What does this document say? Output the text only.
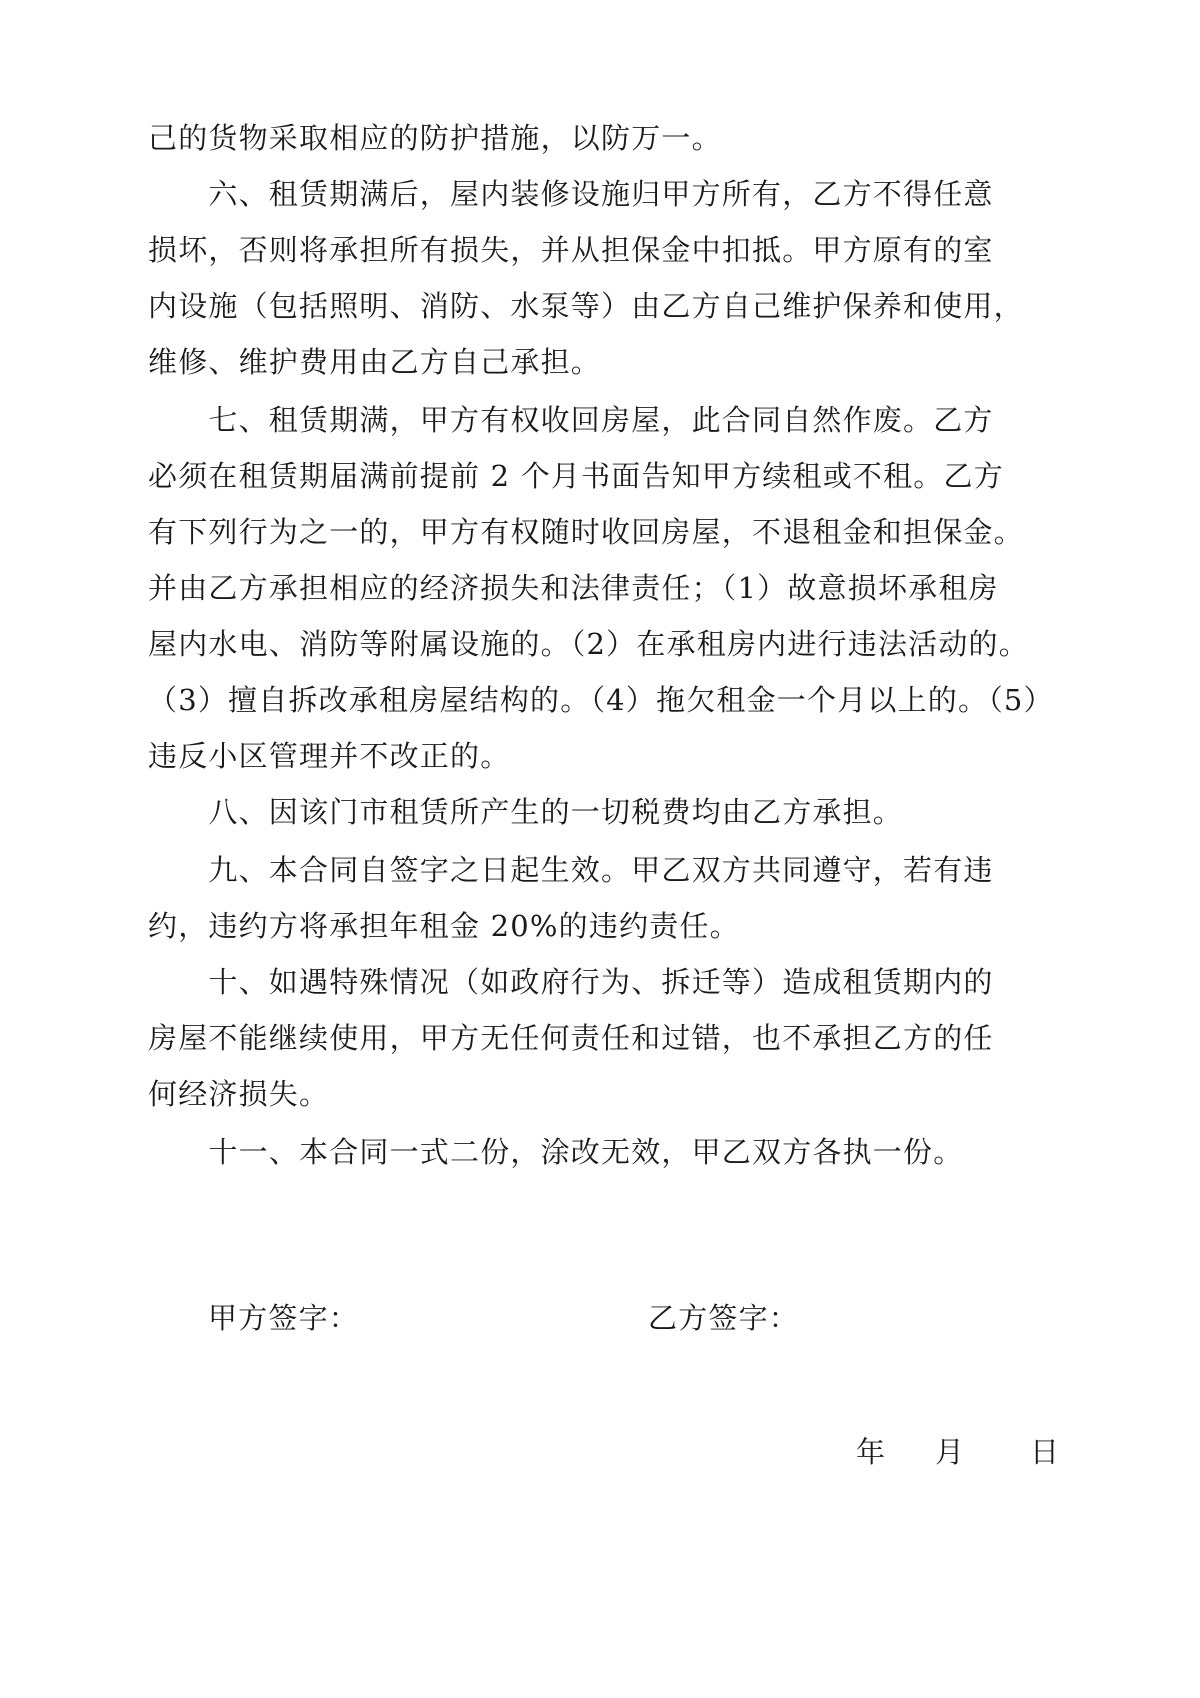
己的货物采取相应的防护措施，以防万一。
　　六、租赁期满后，屋内装修设施归甲方所有，乙方不得任意
损坏，否则将承担所有损失，并从担保金中扣抵。甲方原有的室
内设施（包括照明、消防、水泵等）由乙方自己维护保养和使用，
维修、维护费用由乙方自己承担。
　　七、租赁期满，甲方有权收回房屋，此合同自然作废。乙方
必须在租赁期届满前提前 2 个月书面告知甲方续租或不租。乙方
有下列行为之一的，甲方有权随时收回房屋，不退租金和担保金。
并由乙方承担相应的经济损失和法律责任；（1）故意损坏承租房
屋内水电、消防等附属设施的。（2）在承租房内进行违法活动的。
（3）擅自拆改承租房屋结构的。（4）拖欠租金一个月以上的。（5）
违反小区管理并不改正的。
　　八、因该门市租赁所产生的一切税费均由乙方承担。
　　九、本合同自签字之日起生效。甲乙双方共同遵守，若有违
约，违约方将承担年租金 20%的违约责任。
　　十、如遇特殊情况（如政府行为、拆迁等）造成租赁期内的
房屋不能继续使用，甲方无任何责任和过错，也不承担乙方的任
何经济损失。
　　十一、本合同一式二份，涂改无效，甲乙双方各执一份。
甲方签字：	乙方签字：
年 月 日
